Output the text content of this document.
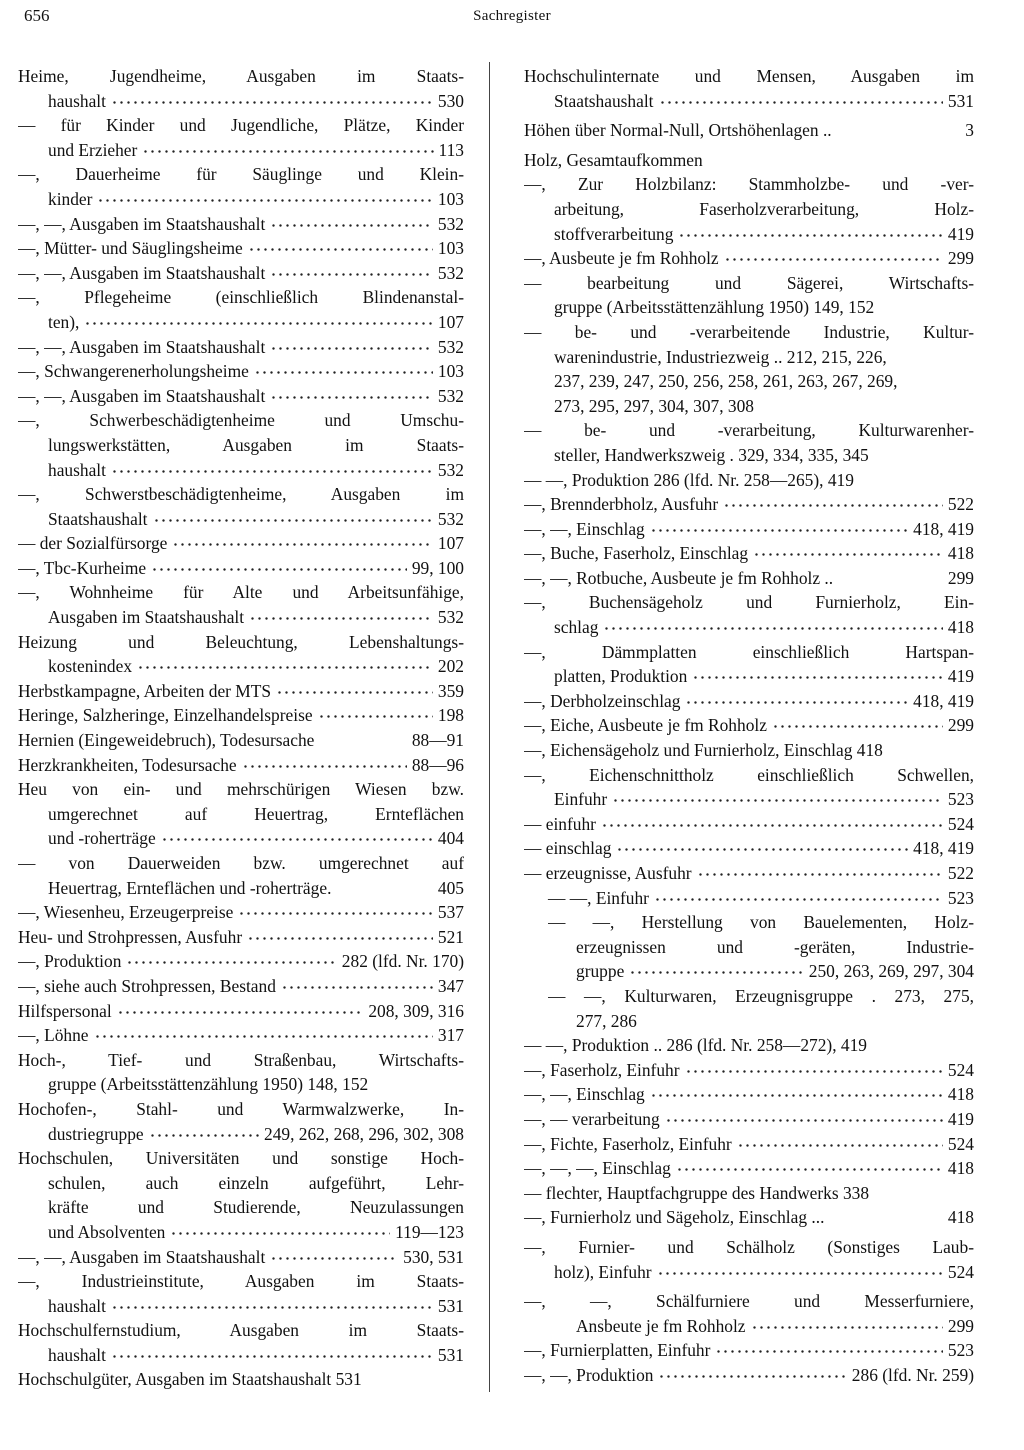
656	Sachregister
Heime, Jugendheime, Ausgaben im Staats-
haushalt	530
— für Kinder und Jugendliche, Plätze, Kinder
und Erzieher	113
—, Dauerheime für Säuglinge und Klein-
kinder	103
—, —, Ausgaben im Staatshaushalt	532
—, Mütter- und Säuglingsheime	103
—, —, Ausgaben im Staatshaushalt	532
—, Pflegeheime (einschließlich Blindenanstal-
ten),	107
—, —, Ausgaben im Staatshaushalt	532
—, Schwangerenerholungsheime	103
—, —, Ausgaben im Staatshaushalt	532
—, Schwerbeschädigtenheime und Umschu-
lungswerkstätten, Ausgaben im Staats-
haushalt	532
—, Schwerstbeschädigtenheime, Ausgaben im
Staatshaushalt	532
— der Sozialfürsorge	107
—, Tbc-Kurheime	99, 100
—, Wohnheime für Alte und Arbeitsunfähige,
Ausgaben im Staatshaushalt	532
Heizung und Beleuchtung, Lebenshaltungs-
kostenindex	202
Herbstkampagne, Arbeiten der MTS	359
Heringe, Salzheringe, Einzelhandelspreise	198
Hernien (Eingeweidebruch), Todesursache	88—91
Herzkrankheiten, Todesursache	88—96
Heu von ein- und mehrschürigen Wiesen bzw.
umgerechnet auf Heuertrag, Ernteflächen
und -roherträge	404
— von Dauerweiden bzw. umgerechnet auf
Heuertrag, Ernteflächen und -roherträge.	405
—, Wiesenheu, Erzeugerpreise	537
Heu- und Strohpressen, Ausfuhr	521
—, Produktion	282 (lfd. Nr. 170)
—, siehe auch Strohpressen, Bestand	347
Hilfspersonal	208, 309, 316
—, Löhne	317
Hoch-, Tief- und Straßenbau, Wirtschafts-
gruppe (Arbeitsstättenzählung 1950) 148, 152
Hochofen-, Stahl- und Warmwalzwerke, In-
dustriegruppe	249, 262, 268, 296, 302, 308
Hochschulen, Universitäten und sonstige Hoch-
schulen, auch einzeln aufgeführt, Lehr-
kräfte und Studierende, Neuzulassungen
und Absolventen	119—123
—, —, Ausgaben im Staatshaushalt	530, 531
—, Industrieinstitute, Ausgaben im Staats-
haushalt	531
Hochschulfernstudium, Ausgaben im Staats-
haushalt	531
Hochschulgüter, Ausgaben im Staatshaushalt 531
Hochschulinternate und Mensen, Ausgaben im
Staatshaushalt	531
Höhen über Normal-Null, Ortshöhenlagen ..	3
Holz, Gesamtaufkommen
—, Zur Holzbilanz: Stammholzbe- und -ver-
arbeitung, Faserholzverarbeitung, Holz-
stoffverarbeitung	419
—, Ausbeute je fm Rohholz	299
— bearbeitung und Sägerei, Wirtschafts-
gruppe (Arbeitsstättenzählung 1950) 149, 152
— be- und -verarbeitende Industrie, Kultur-
warenindustrie, Industriezweig .. 212, 215, 226,
237, 239, 247, 250, 256, 258, 261, 263, 267, 269,
273, 295, 297, 304, 307, 308
— be- und -verarbeitung, Kulturwarenher-
steller, Handwerkszweig . 329, 334, 335, 345
— —, Produktion 286 (lfd. Nr. 258—265), 419
—, Brennderbholz, Ausfuhr	522
—, —, Einschlag	418, 419
—, Buche, Faserholz, Einschlag	418
—, —, Rotbuche, Ausbeute je fm Rohholz ..	299
—, Buchensägeholz und Furnierholz, Ein-
schlag	418
—, Dämmplatten einschließlich Hartspan-
platten, Produktion	419
—, Derbholzeinschlag	418, 419
—, Eiche, Ausbeute je fm Rohholz	299
—, Eichensägeholz und Furnierholz, Einschlag 418
—, Eichenschnittholz einschließlich Schwellen,
Einfuhr	523
— einfuhr	524
— einschlag	418, 419
— erzeugnisse, Ausfuhr	522
— —, Einfuhr	523
— —, Herstellung von Bauelementen, Holz-
erzeugnissen und -geräten, Industrie-
gruppe	250, 263, 269, 297, 304
— —, Kulturwaren, Erzeugnisgruppe . 273, 275,
277, 286
— —, Produktion .. 286 (lfd. Nr. 258—272), 419
—, Faserholz, Einfuhr	524
—, —, Einschlag	418
—, — verarbeitung	419
—, Fichte, Faserholz, Einfuhr	524
—, —, —, Einschlag	418
— flechter, Hauptfachgruppe des Handwerks 338
—, Furnierholz und Sägeholz, Einschlag ...	418
—, Furnier- und Schälholz (Sonstiges Laub-
holz), Einfuhr	524
—, —, Schälfurniere und Messerfurniere,
Ansbeute je fm Rohholz	299
—, Furnierplatten, Einfuhr	523
—, —, Produktion	286 (lfd. Nr. 259)
